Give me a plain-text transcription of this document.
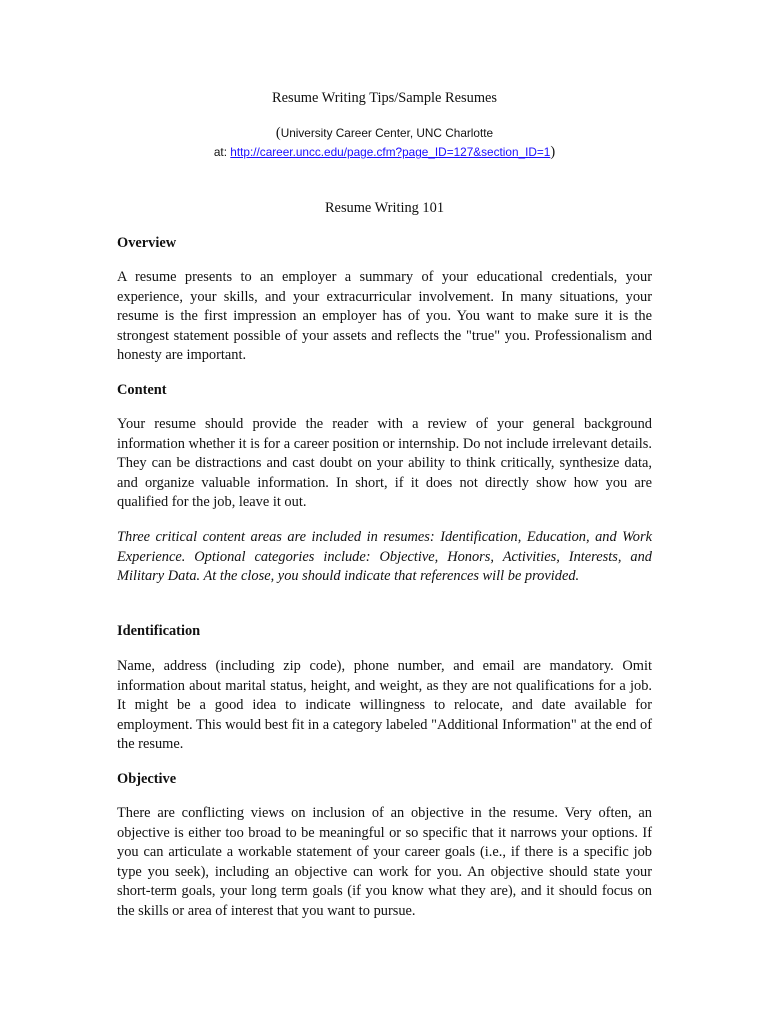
Resume Writing Tips/Sample Resumes
(University Career Center, UNC Charlotte
at: http://career.uncc.edu/page.cfm?page_ID=127&section_ID=1)
Resume Writing 101
Overview
A resume presents to an employer a summary of your educational credentials, your experience, your skills, and your extracurricular involvement. In many situations, your resume is the first impression an employer has of you. You want to make sure it is the strongest statement possible of your assets and reflects the "true" you. Professionalism and honesty are important.
Content
Your resume should provide the reader with a review of your general background information whether it is for a career position or internship. Do not include irrelevant details. They can be distractions and cast doubt on your ability to think critically, synthesize data, and organize valuable information. In short, if it does not directly show how you are qualified for the job, leave it out.
Three critical content areas are included in resumes: Identification, Education, and Work Experience. Optional categories include: Objective, Honors, Activities, Interests, and Military Data. At the close, you should indicate that references will be provided.
Identification
Name, address (including zip code), phone number, and email are mandatory. Omit information about marital status, height, and weight, as they are not qualifications for a job. It might be a good idea to indicate willingness to relocate, and date available for employment. This would best fit in a category labeled "Additional Information" at the end of the resume.
Objective
There are conflicting views on inclusion of an objective in the resume. Very often, an objective is either too broad to be meaningful or so specific that it narrows your options. If you can articulate a workable statement of your career goals (i.e., if there is a specific job type you seek), including an objective can work for you. An objective should state your short-term goals, your long term goals (if you know what they are), and it should focus on the skills or area of interest that you want to pursue.
